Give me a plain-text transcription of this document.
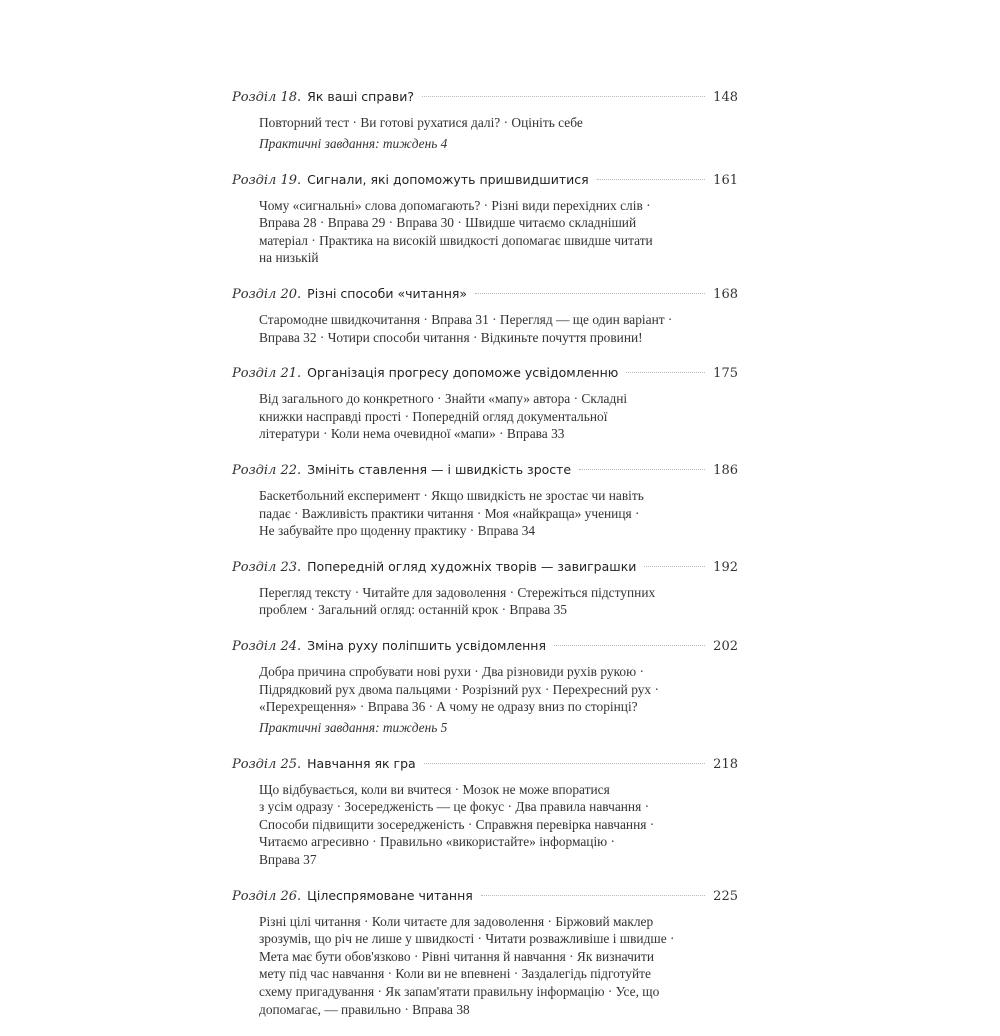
Розділ 18. Як ваші справи?	148
Повторний тест · Ви готові рухатися далі? · Оцініть себе
Практичні завдання: тиждень 4
Розділ 19. Сигнали, які допоможуть пришвидшитися	161
Чому «сигнальні» слова допомагають? · Різні види перехідних слів ·
Вправа 28 · Вправа 29 · Вправа 30 · Швидше читаємо складніший
матеріал · Практика на високій швидкості допомагає швидше читати
на низькій
Розділ 20. Різні способи «читання»	168
Старомодне швидкочитання · Вправа 31 · Перегляд — ще один варіант ·
Вправа 32 · Чотири способи читання · Відкиньте почуття провини!
Розділ 21. Організація прогресу допоможе усвідомленню	175
Від загального до конкретного · Знайти «мапу» автора · Складні
книжки насправді прості · Попередній огляд документальної
літератури · Коли нема очевидної «мапи» · Вправа 33
Розділ 22. Змініть ставлення — і швидкість зросте	186
Баскетбольний експеримент · Якщо швидкість не зростає чи навіть
падає · Важливість практики читання · Моя «найкраща» учениця ·
Не забувайте про щоденну практику · Вправа 34
Розділ 23. Попередній огляд художніх творів — завиграшки	192
Перегляд тексту · Читайте для задоволення · Стережіться підступних
проблем · Загальний огляд: останній крок · Вправа 35
Розділ 24. Зміна руху поліпшить усвідомлення	202
Добра причина спробувати нові рухи · Два різновиди рухів рукою ·
Підрядковий рух двома пальцями · Розрізний рух · Перехресний рух ·
«Перехрещення» · Вправа 36 · А чому не одразу вниз по сторінці?
Практичні завдання: тиждень 5
Розділ 25. Навчання як гра	218
Що відбувається, коли ви вчитеся · Мозок не може впоратися
з усім одразу · Зосередженість — це фокус · Два правила навчання ·
Способи підвищити зосередженість · Справжня перевірка навчання ·
Читаємо агресивно · Правильно «використайте» інформацію ·
Вправа 37
Розділ 26. Цілеспрямоване читання	225
Різні цілі читання · Коли читаєте для задоволення · Біржовий маклер
зрозумів, що річ не лише у швидкості · Читати розважливіше і швидше ·
Мета має бути обов'язково · Рівні читання й навчання · Як визначити
мету під час навчання · Коли ви не впевнені · Заздалегідь підготуйте
схему пригадування · Як запам'ятати правильну інформацію · Усе, що
допомагає, — правильно · Вправа 38
